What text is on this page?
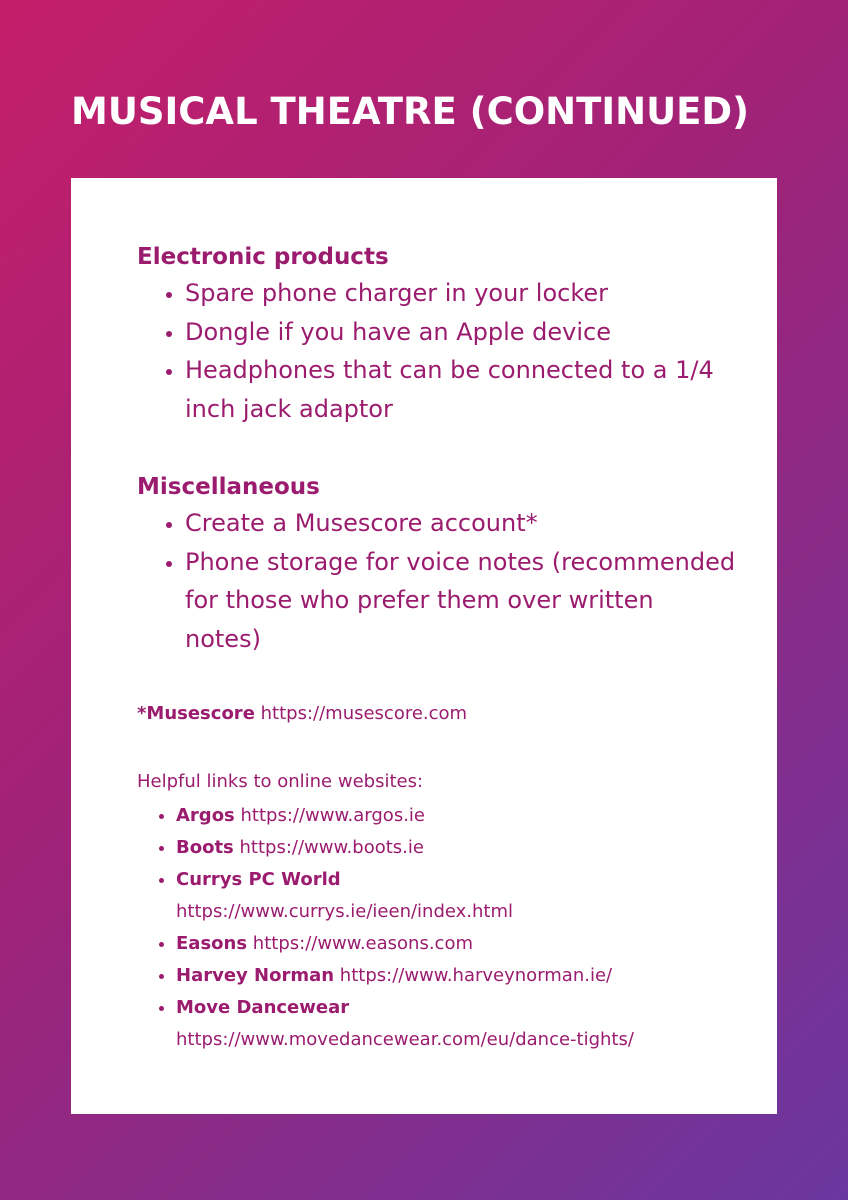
MUSICAL THEATRE (CONTINUED)
Electronic products
• Spare phone charger in your locker
• Dongle if you have an Apple device
• Headphones that can be connected to a 1/4 inch jack adaptor
Miscellaneous
• Create a Musescore account*
• Phone storage for voice notes (recommended for those who prefer them over written notes)

*Musescore https://musescore.com

Helpful links to online websites:

• Argos https://www.argos.ie
• Boots https://www.boots.ie
• Currys PC World
https://www.currys.ie/ieen/index.html
• Easons https://www.easons.com
• Harvey Norman https://www.harveynorman.ie/
• Move Dancewear
https://www.movedancewear.com/eu/dance-tights/
